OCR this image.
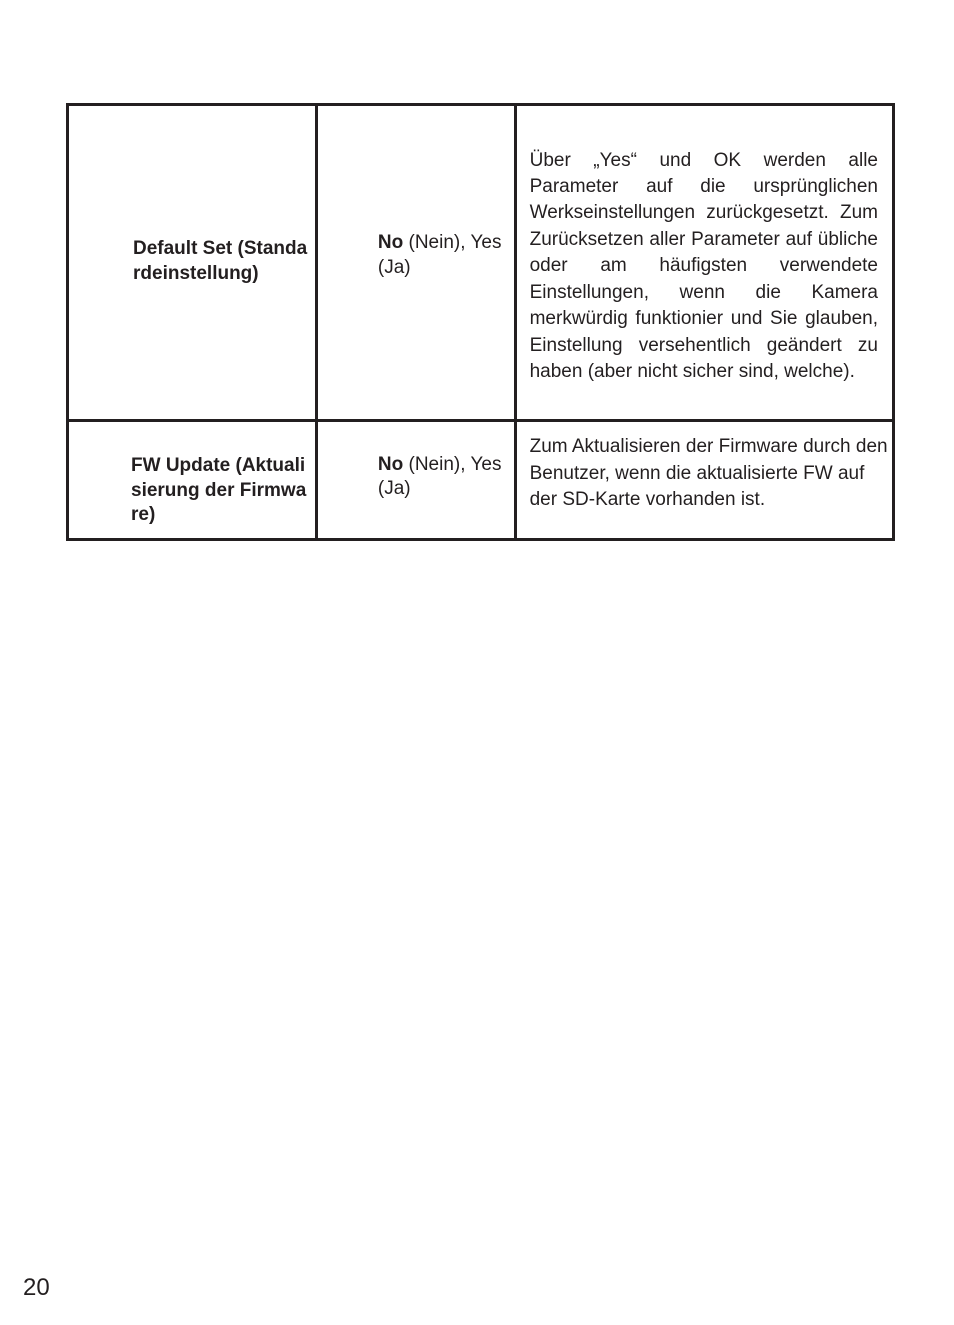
Default Set (Standardeinstellung)	No (Nein), Yes (Ja)	Über „Yes“ und OK werden alle Parameter auf die ursprünglichen Werkseinstellungen zurückgesetzt. Zum Zurücksetzen aller Parameter auf übliche oder am häufigsten verwendete Einstellungen, wenn die Kamera merkwürdig funktionier und Sie glauben, Einstellung versehentlich geändert zu haben (aber nicht sicher sind, welche).

FW Update (Aktualisierung der Firmware)	No (Nein), Yes (Ja)	Zum Aktualisieren der Firmware durch den Benutzer, wenn die aktualisierte FW auf der SD-Karte vorhanden ist.
20
